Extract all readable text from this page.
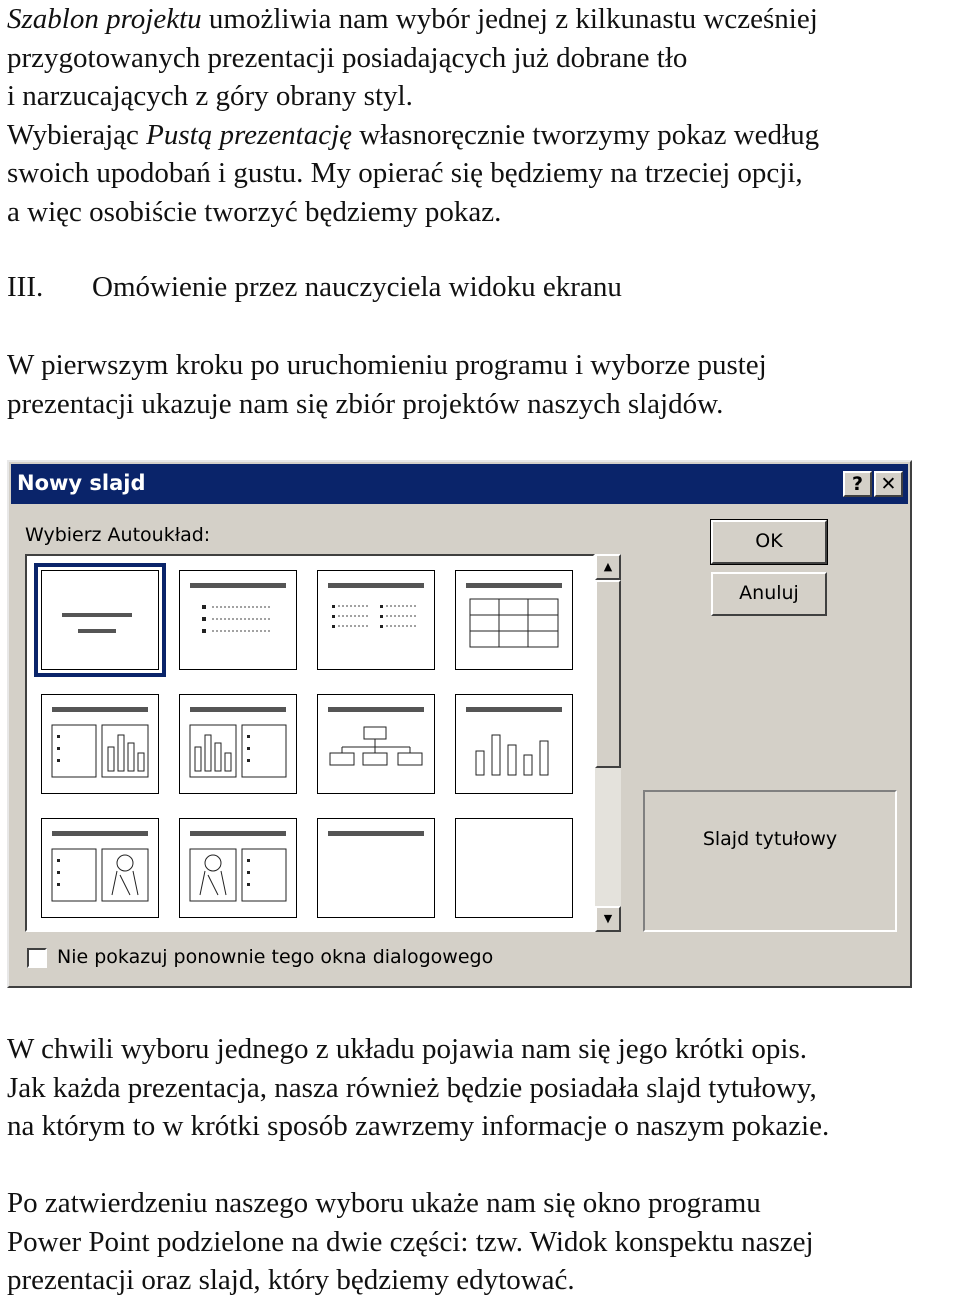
Szablon projektu umożliwia nam wybór jednej z kilkunastu wcześniej
przygotowanych prezentacji posiadających już dobrane tło
i narzucających z góry obrany styl.
Wybierając Pustą prezentację własnoręcznie tworzymy pokaz według
swoich upodobań i gustu. My opierać się będziemy na trzeciej opcji,
a więc osobiście tworzyć będziemy pokaz.
III. Omówienie przez nauczyciela widoku ekranu
W pierwszym kroku po uruchomieniu programu i wyborze pustej
prezentacji ukazuje nam się zbiór projektów naszych slajdów.
Nowy slajd	? ✕
Wybierz Autoukład:
▲
▼
OK
Anuluj
Slajd tytułowy
Nie pokazuj ponownie tego okna dialogowego
W chwili wyboru jednego z układu pojawia nam się jego krótki opis.
Jak każda prezentacja, nasza również będzie posiadała slajd tytułowy,
na którym to w krótki sposób zawrzemy informacje o naszym pokazie.
Po zatwierdzeniu naszego wyboru ukaże nam się okno programu
Power Point podzielone na dwie części: tzw. Widok konspektu naszej
prezentacji oraz slajd, który będziemy edytować.
